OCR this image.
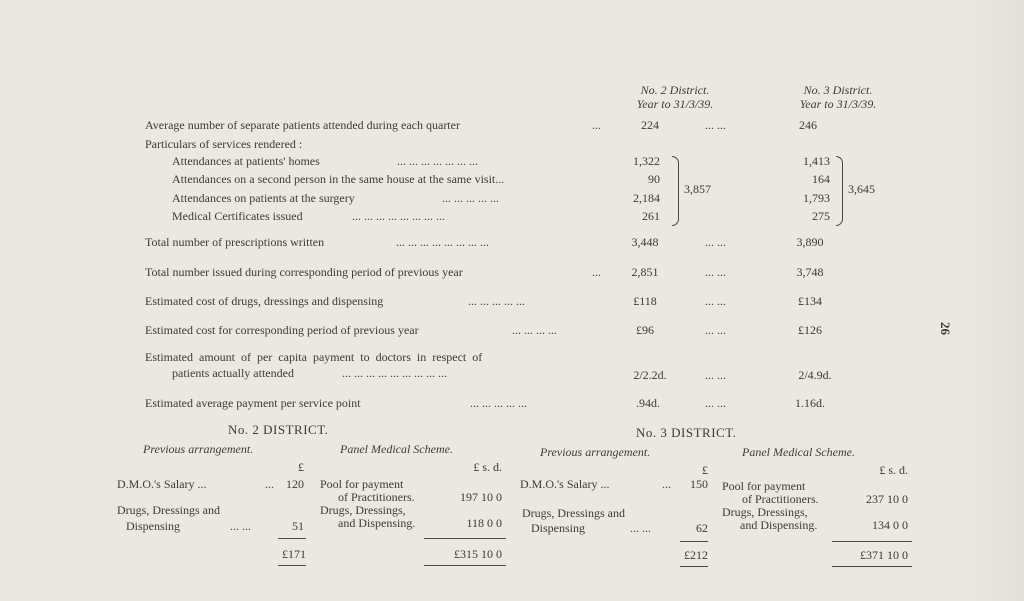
26
No. 2 District.
Year to 31/3/39.
No. 3 District.
Year to 31/3/39.
Average number of separate patients attended during each quarter	...	224	... ...	246
Particulars of services rendered :
Attendances at patients' homes	... ... ... ... ... ... ...	1,322	1,413
Attendances on a second person in the same house at the same visit...	90	164
Attendances on patients at the surgery	... ... ... ... ...	2,184	1,793
Medical Certificates issued	... ... ... ... ... ... ... ...	261	275
3,857	3,645
Total number of prescriptions written	... ... ... ... ... ... ... ...	3,448	... ...	3,890
Total number issued during corresponding period of previous year	...	2,851	... ...	3,748
Estimated cost of drugs, dressings and dispensing	... ... ... ... ...	£118	... ...	£134
Estimated cost for corresponding period of previous year	... ... ... ...	£96	... ...	£126
Estimated amount of per capita payment to doctors in respect of
patients actually attended	... ... ... ... ... ... ... ... ...	2/2.2d.	... ...	2/4.9d.
Estimated average payment per service point	... ... ... ... ...	.94d.	... ...	1.16d.
No. 2 DISTRICT.
Previous arrangement.	Panel Medical Scheme.
£	£ s. d.
D.M.O.'s Salary ...	...	120
Drugs, Dressings and
Dispensing	... ...	51
£171
Pool for payment
of Practitioners.	197 10 0
Drugs, Dressings,
and Dispensing.	118 0 0
£315 10 0
No. 3 DISTRICT.
Previous arrangement.	Panel Medical Scheme.
£	£ s. d.
D.M.O.'s Salary ...	...	150
Drugs, Dressings and
Dispensing	... ...	62
£212
Pool for payment
of Practitioners.	237 10 0
Drugs, Dressings,
and Dispensing.	134 0 0
£371 10 0
